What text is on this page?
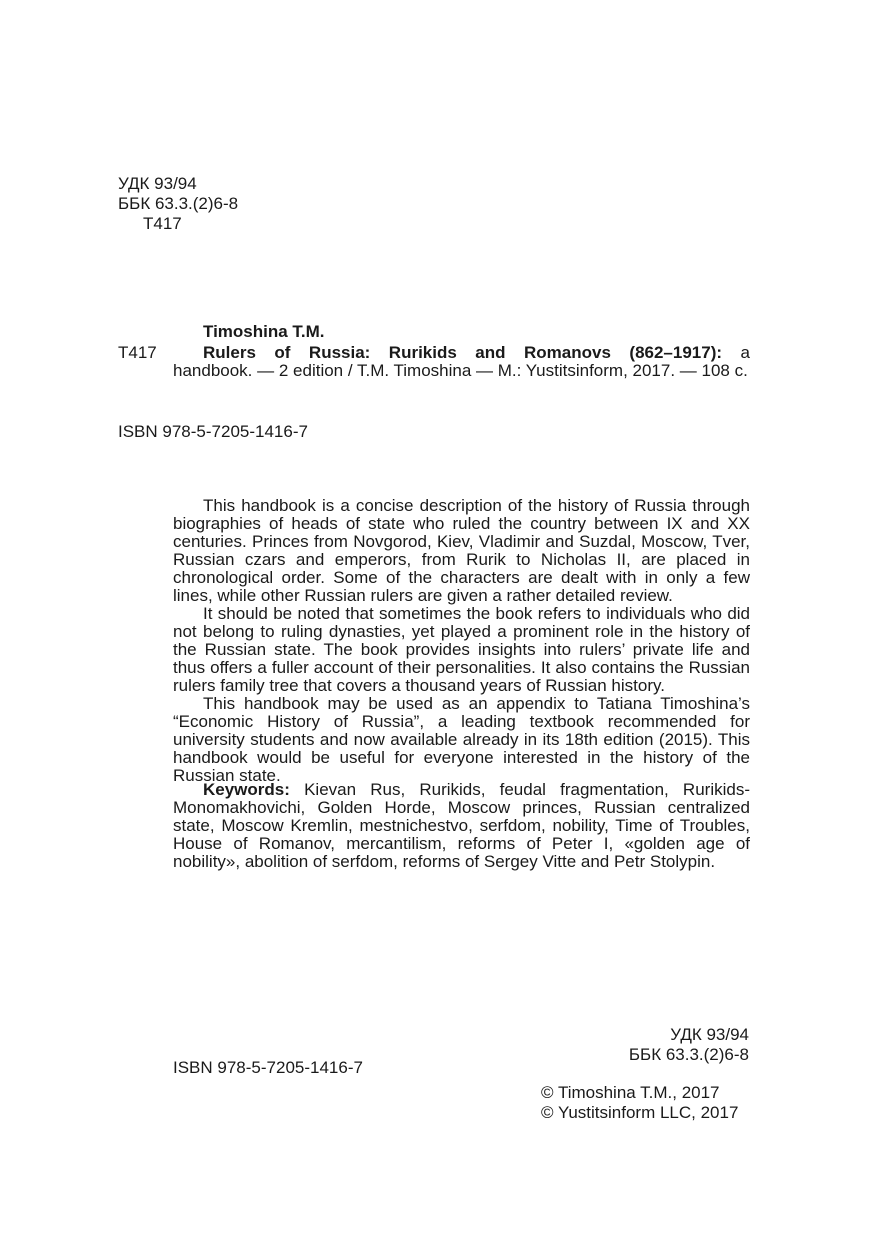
УДК 93/94
ББК 63.3.(2)6-8
Т417
Timoshina T.M.
Т417	Rulers of Russia: Rurikids and Romanovs (862–1917): a
handbook. — 2 edition / T.M. Timoshina — M.: Yustitsinform, 2017. — 108 c.
ISBN 978-5-7205-1416-7

This handbook is a concise description of the history of Russia through biographies of heads of state who ruled the country between IX and XX centuries. Princes from Novgorod, Kiev, Vladimir and Suzdal, Moscow, Tver, Russian czars and emperors, from Rurik to Nicholas II, are placed in chronological order. Some of the characters are dealt with in only a few lines, while other Russian rulers are given a rather detailed review.

It should be noted that sometimes the book refers to individuals who did not belong to ruling dynasties, yet played a prominent role in the history of the Russian state. The book provides insights into rulers’ private life and thus offers a fuller account of their personalities. It also contains the Russian rulers family tree that covers a thousand years of Russian history.

This handbook may be used as an appendix to Tatiana Timoshina’s “Economic History of Russia”, a leading textbook recommended for university students and now available already in its 18th edition (2015). This handbook would be useful for everyone interested in the history of the Russian state.

Keywords: Kievan Rus, Rurikids, feudal fragmentation, Rurikids-Monomakhovichi, Golden Horde, Moscow princes, Russian centralized state, Moscow Kremlin, mestnichestvo, serfdom, nobility, Time of Troubles, House of Romanov, mercantilism, reforms of Peter I, «golden age of nobility», abolition of serfdom, reforms of Sergey Vitte and Petr Stolypin.

УДК 93/94
ББК 63.3.(2)6-8
ISBN 978-5-7205-1416-7
© Timoshina T.M., 2017
© Yustitsinform LLC, 2017
